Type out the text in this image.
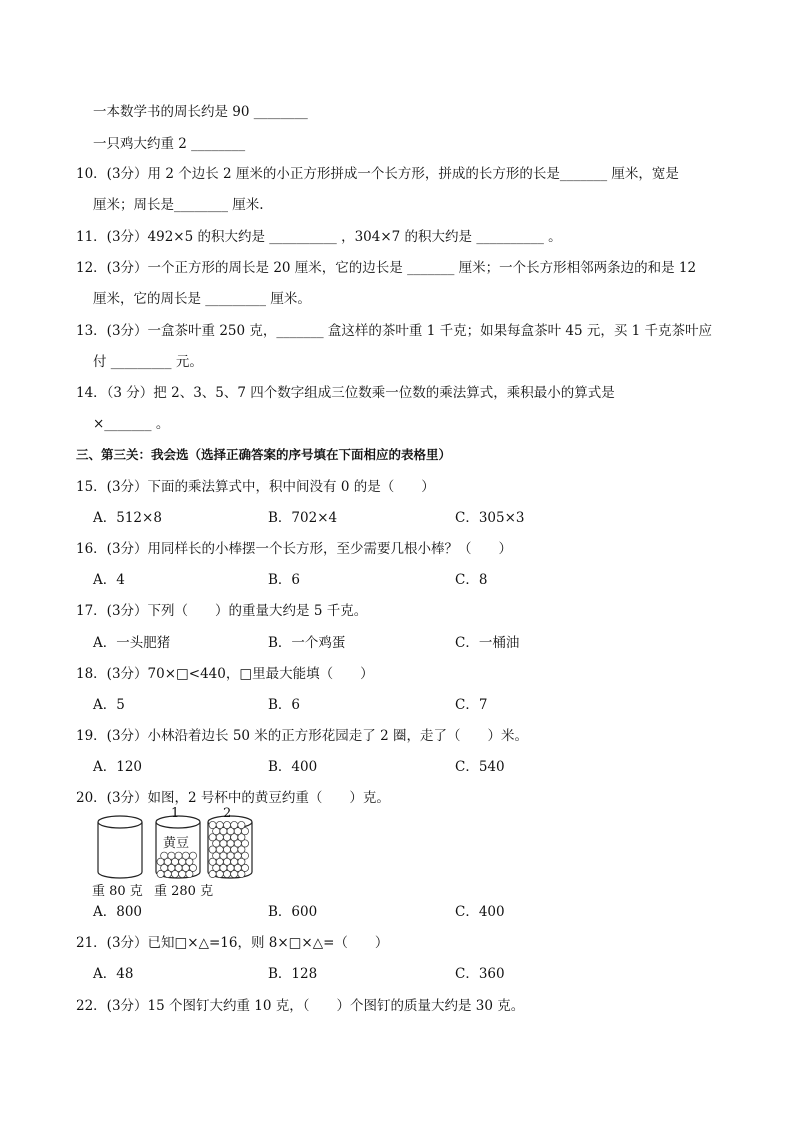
一本数学书的周长约是 90 ________
一只鸡大约重 2 ________
10．(3分）用 2 个边长 2 厘米的小正方形拼成一个长方形，拼成的长方形的长是_______ 厘米，宽是
厘米；周长是________ 厘米.
11．(3分）492×5 的积大约是 __________ ，304×7 的积大约是 __________ 。
12．(3分）一个正方形的周长是 20 厘米，它的边长是 _______ 厘米；一个长方形相邻两条边的和是 12
厘米，它的周长是 _________ 厘米。
13．(3分）一盒茶叶重 250 克，_______ 盒这样的茶叶重 1 千克；如果每盒茶叶 45 元，买 1 千克茶叶应
付 _________ 元。
14．（3 分）把 2、3、5、7 四个数字组成三位数乘一位数的乘法算式，乘积最小的算式是
×_______ 。
三、第三关：我会选（选择正确答案的序号填在下面相应的表格里）
15．(3分）下面的乘法算式中，积中间没有 0 的是（　　）
A．512×8	B．702×4	C．305×3
16．(3分）用同样长的小棒摆一个长方形，至少需要几根小棒？（　　）
A．4	B．6	C．8
17．(3分）下列（　　）的重量大约是 5 千克。
A．一头肥猪	B．一个鸡蛋	C．一桶油
18．(3分）70×□<440，□里最大能填（　　）
A．5	B．6	C．7
19．(3分）小林沿着边长 50 米的正方形花园走了 2 圈，走了（　　）米。
A．120	B．400	C．540
20．(3分）如图，2 号杯中的黄豆约重（　　）克。
1	2
黄豆
重 80 克 重 280 克
A．800	B．600	C．400
21．(3分）已知□×△=16，则 8×□×△=（　　）
A．48	B．128	C．360
22．(3分）15 个图钉大约重 10 克，（　　）个图钉的质量大约是 30 克。
